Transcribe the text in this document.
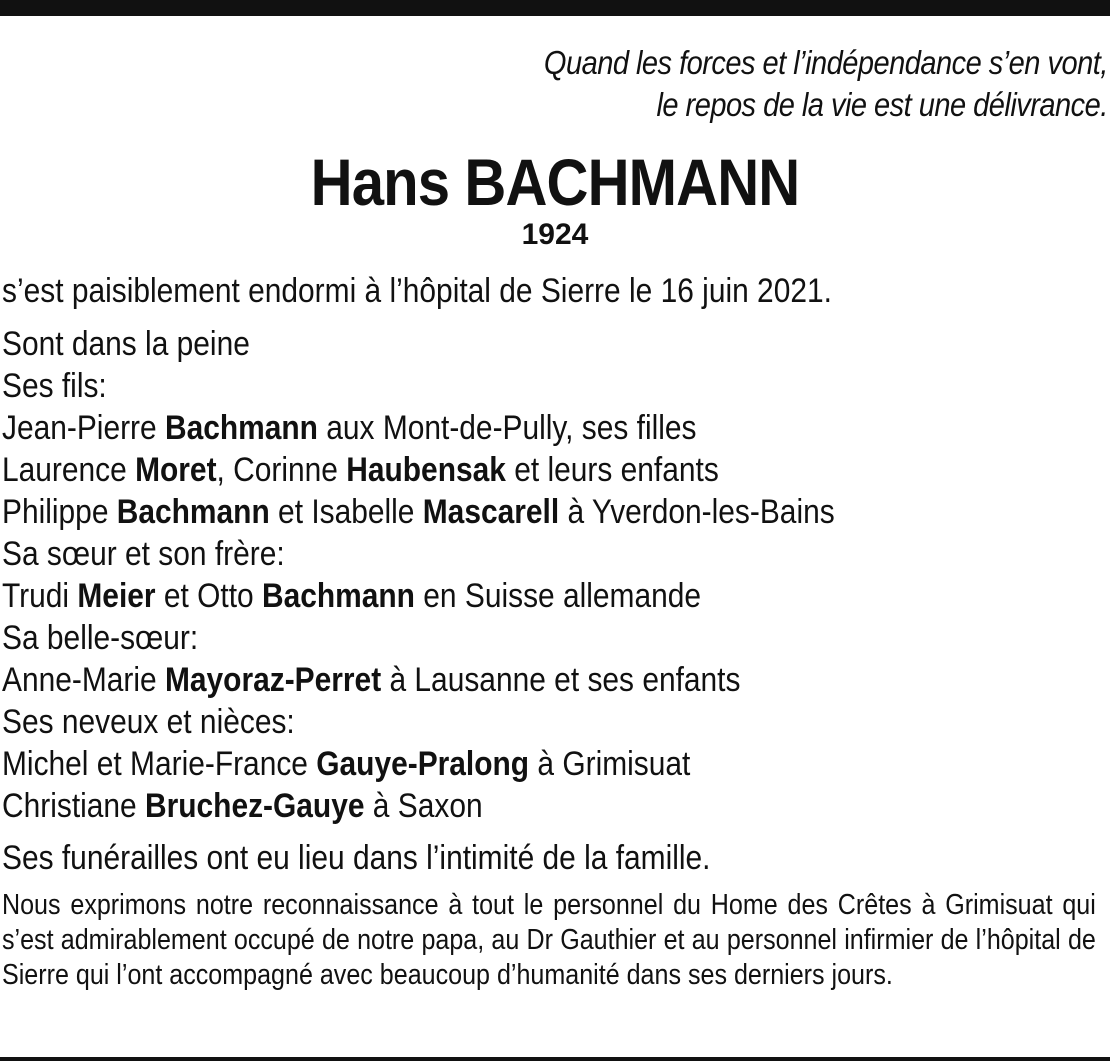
Quand les forces et l’indépendance s’en vont,
le repos de la vie est une délivrance.
Hans BACHMANN
1924
s’est paisiblement endormi à l’hôpital de Sierre le 16 juin 2021.
Sont dans la peine
Ses fils:
Jean-Pierre Bachmann aux Mont-de-Pully, ses filles
Laurence Moret, Corinne Haubensak et leurs enfants
Philippe Bachmann et Isabelle Mascarell à Yverdon-les-Bains
Sa sœur et son frère:
Trudi Meier et Otto Bachmann en Suisse allemande
Sa belle-sœur:
Anne-Marie Mayoraz-Perret à Lausanne et ses enfants
Ses neveux et nièces:
Michel et Marie-France Gauye-Pralong à Grimisuat
Christiane Bruchez-Gauye à Saxon
Ses funérailles ont eu lieu dans l’intimité de la famille.
Nous exprimons notre reconnaissance à tout le personnel du Home des Crêtes à Grimisuat qui s’est admirablement occupé de notre papa, au Dr Gauthier et au personnel infirmier de l’hôpital de Sierre qui l’ont accompagné avec beaucoup d’humanité dans ses derniers jours.
